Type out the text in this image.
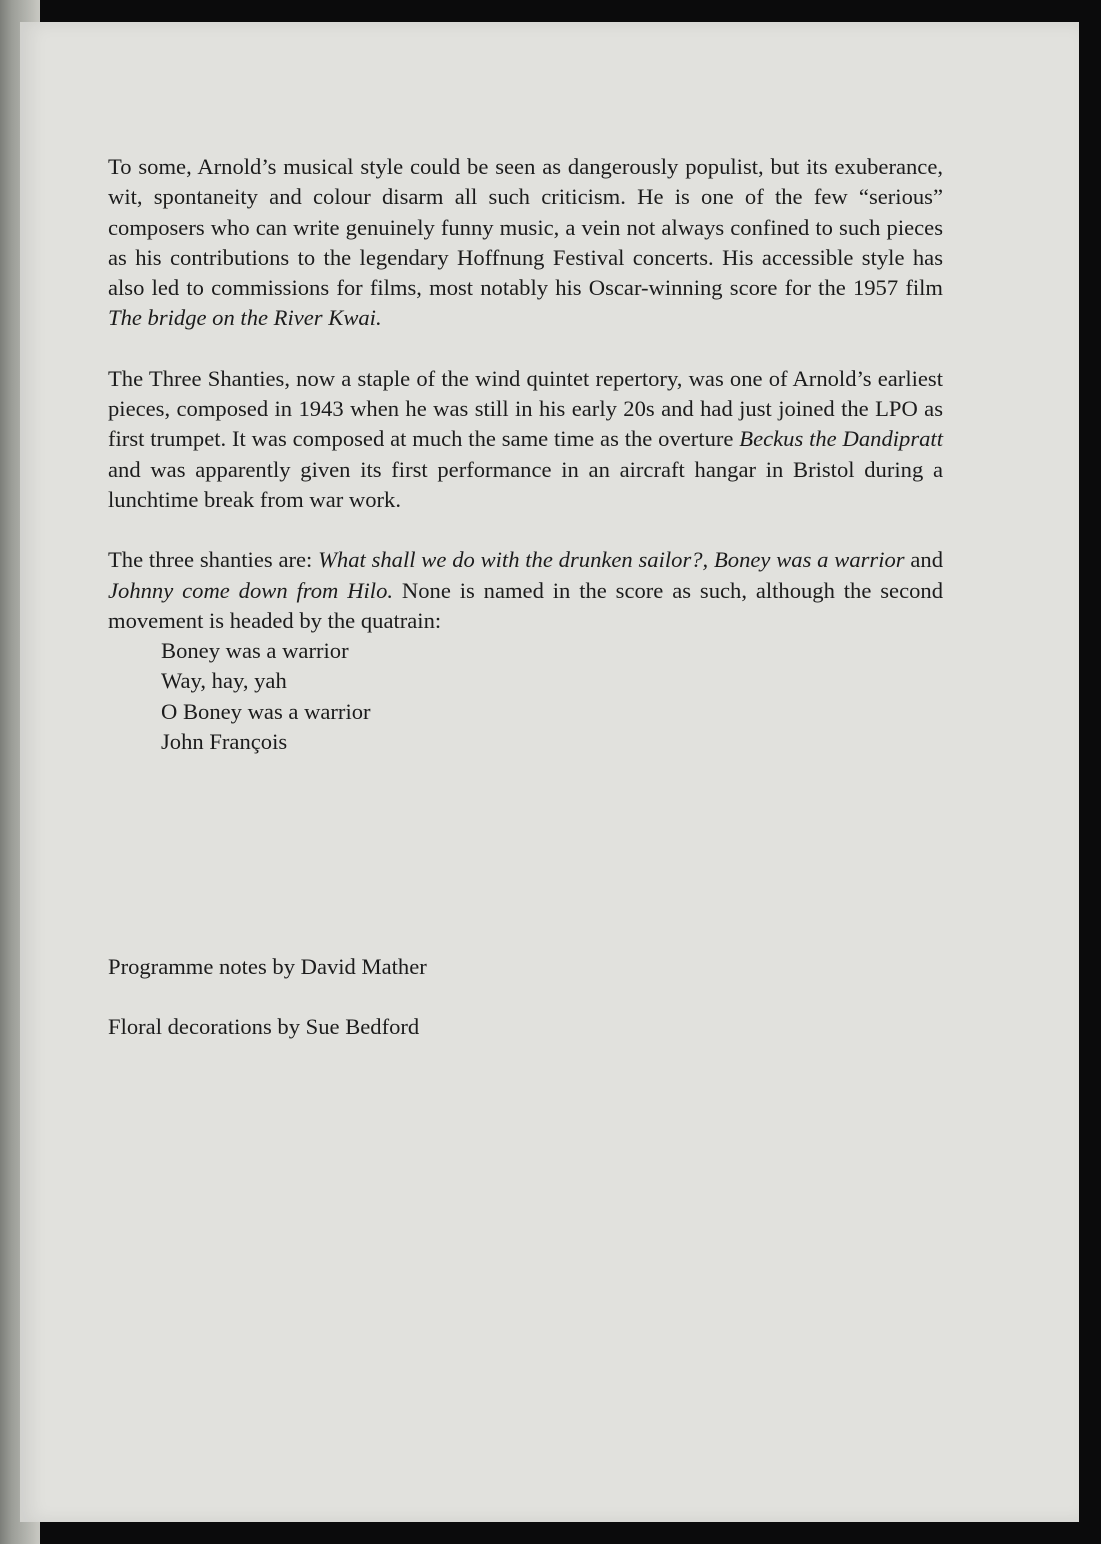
To some, Arnold’s musical style could be seen as dangerously populist, but its exuberance, wit, spontaneity and colour disarm all such criticism. He is one of the few “serious” composers who can write genuinely funny music, a vein not always confined to such pieces as his contributions to the legendary Hoffnung Festival concerts. His accessible style has also led to commissions for films, most notably his Oscar-winning score for the 1957 film The bridge on the River Kwai.

The Three Shanties, now a staple of the wind quintet repertory, was one of Arnold’s earliest pieces, composed in 1943 when he was still in his early 20s and had just joined the LPO as first trumpet. It was composed at much the same time as the overture Beckus the Dandipratt and was apparently given its first performance in an aircraft hangar in Bristol during a lunchtime break from war work.

The three shanties are: What shall we do with the drunken sailor?, Boney was a warrior and Johnny come down from Hilo. None is named in the score as such, although the second movement is headed by the quatrain:

Boney was a warrior
Way, hay, yah
O Boney was a warrior
John François
Programme notes by David Mather
Floral decorations by Sue Bedford
